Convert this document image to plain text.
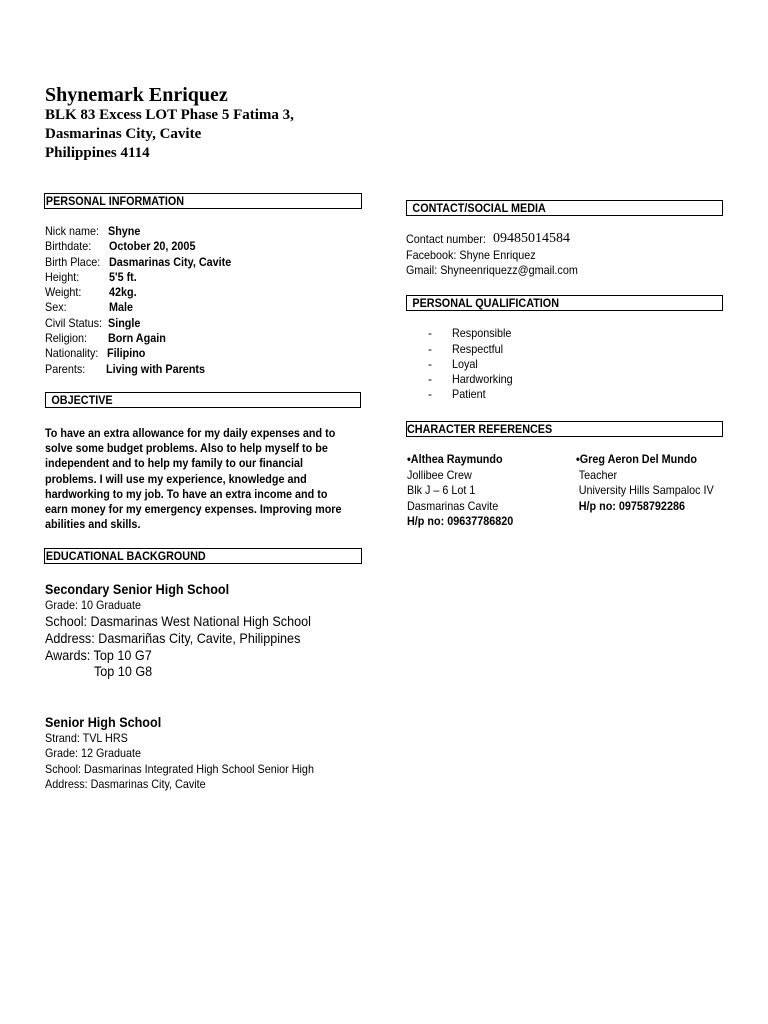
Shynemark Enriquez
BLK 83 Excess LOT Phase 5 Fatima 3,
Dasmarinas City, Cavite
Philippines 4114
PERSONAL INFORMATION
Nick name: Shyne
Birthdate: October 20, 2005
Birth Place: Dasmarinas City, Cavite
Height: 5'5 ft.
Weight: 42kg.
Sex:	Male
Civil Status: Single
Religion: Born Again
Nationality: Filipino
Parents: Living with Parents
OBJECTIVE
To have an extra allowance for my daily expenses and to
solve some budget problems. Also to help myself to be
independent and to help my family to our financial
problems. I will use my experience, knowledge and
hardworking to my job. To have an extra income and to
earn money for my emergency expenses. Improving more
abilities and skills.
EDUCATIONAL BACKGROUND
Secondary Senior High School
Grade: 10 Graduate
School: Dasmarinas West National High School
Address: Dasmariñas City, Cavite, Philippines
Awards: Top 10 G7
Top 10 G8
Senior High School
Strand: TVL HRS
Grade: 12 Graduate
School: Dasmarinas Integrated High School Senior High
Address: Dasmarinas City, Cavite
CONTACT/SOCIAL MEDIA
Contact number: 09485014584
Facebook: Shyne Enriquez
Gmail: Shyneenriquezz@gmail.com
PERSONAL QUALIFICATION
- Responsible
- Respectful
- Loyal
- Hardworking
- Patient
CHARACTER REFERENCES
•Althea Raymundo
Jollibee Crew
Blk J – 6 Lot 1
Dasmarinas Cavite
H/p no: 09637786820
•Greg Aeron Del Mundo
Teacher
University Hills Sampaloc IV
H/p no: 09758792286
